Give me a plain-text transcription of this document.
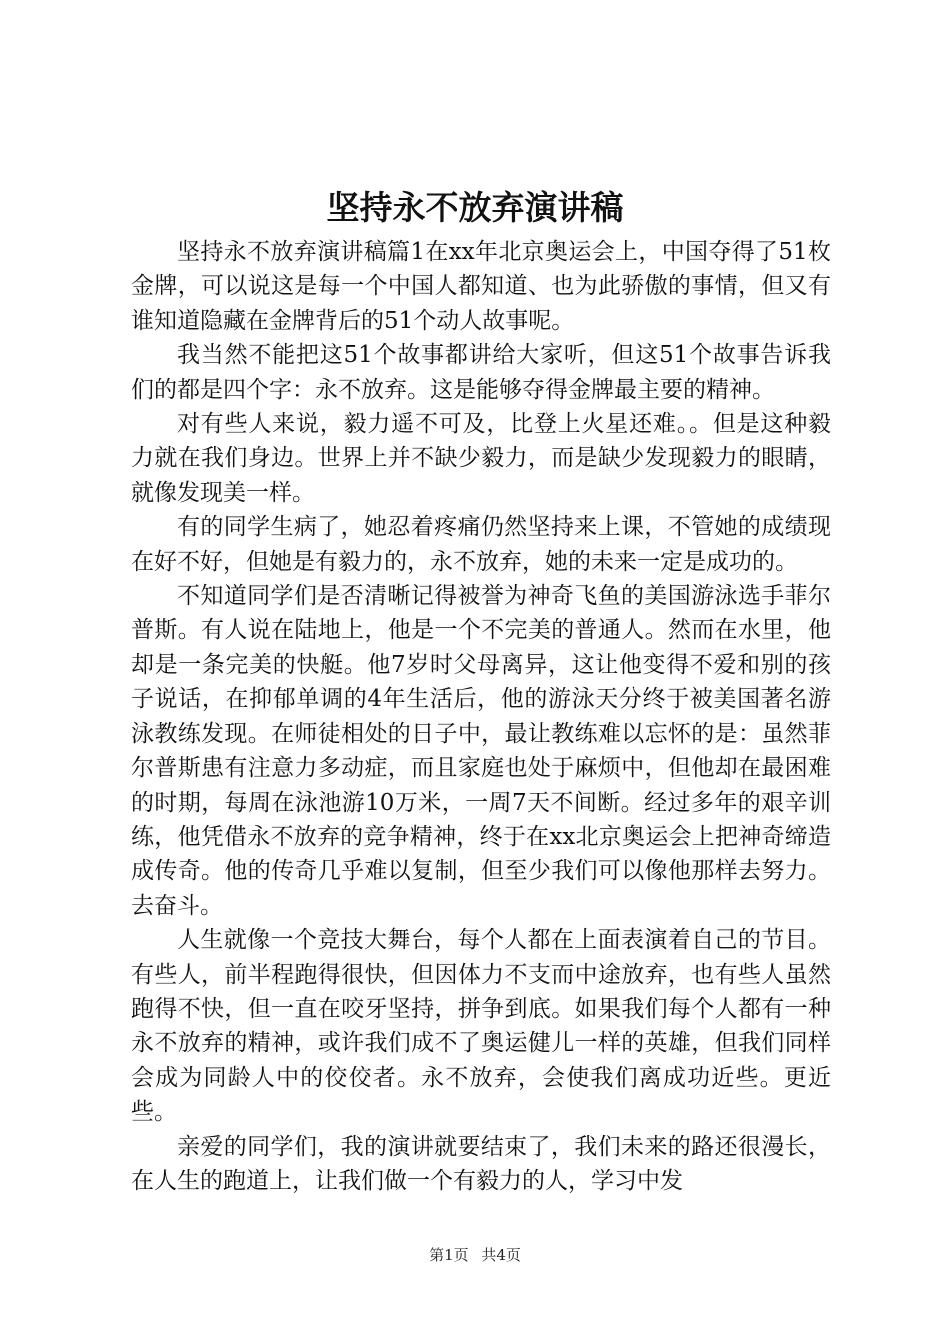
坚持永不放弃演讲稿

坚持永不放弃演讲稿篇1在xx年北京奥运会上，中国夺得了51枚金牌，可以说这是每一个中国人都知道、也为此骄傲的事情，但又有谁知道隐藏在金牌背后的51个动人故事呢。

我当然不能把这51个故事都讲给大家听，但这51个故事告诉我们的都是四个字：永不放弃。这是能够夺得金牌最主要的精神。

对有些人来说，毅力遥不可及，比登上火星还难。。但是这种毅力就在我们身边。世界上并不缺少毅力，而是缺少发现毅力的眼睛，就像发现美一样。

有的同学生病了，她忍着疼痛仍然坚持来上课，不管她的成绩现在好不好，但她是有毅力的，永不放弃，她的未来一定是成功的。

不知道同学们是否清晰记得被誉为神奇飞鱼的美国游泳选手菲尔普斯。有人说在陆地上，他是一个不完美的普通人。然而在水里，他却是一条完美的快艇。他7岁时父母离异，这让他变得不爱和别的孩子说话，在抑郁单调的4年生活后，他的游泳天分终于被美国著名游泳教练发现。在师徒相处的日子中，最让教练难以忘怀的是：虽然菲尔普斯患有注意力多动症，而且家庭也处于麻烦中，但他却在最困难的时期，每周在泳池游10万米，一周7天不间断。经过多年的艰辛训练，他凭借永不放弃的竞争精神，终于在xx北京奥运会上把神奇缔造成传奇。他的传奇几乎难以复制，但至少我们可以像他那样去努力。去奋斗。

人生就像一个竞技大舞台，每个人都在上面表演着自己的节目。有些人，前半程跑得很快，但因体力不支而中途放弃，也有些人虽然跑得不快，但一直在咬牙坚持，拼争到底。如果我们每个人都有一种永不放弃的精神，或许我们成不了奥运健儿一样的英雄，但我们同样会成为同龄人中的佼佼者。永不放弃，会使我们离成功近些。更近些。

亲爱的同学们，我的演讲就要结束了，我们未来的路还很漫长，在人生的跑道上，让我们做一个有毅力的人，学习中发

第1页 共4页
